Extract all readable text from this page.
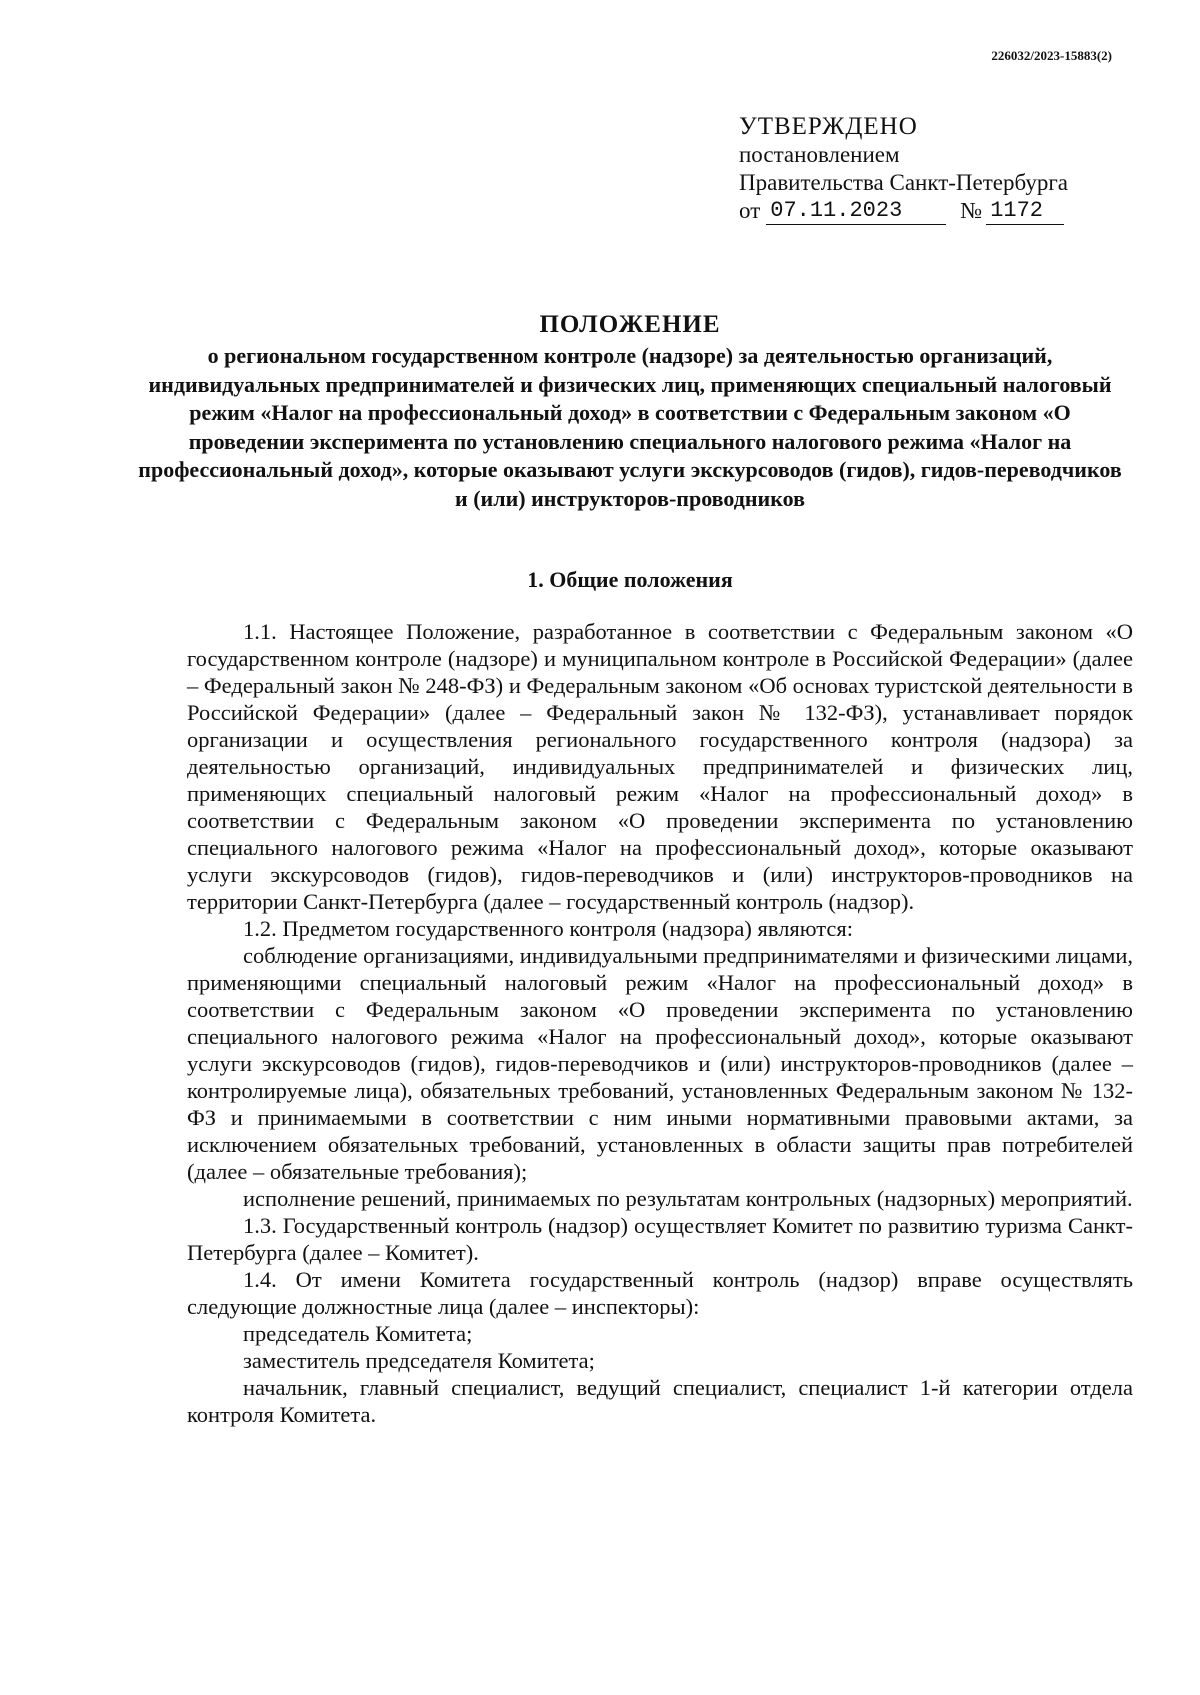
226032/2023-15883(2)
УТВЕРЖДЕНО
постановлением
Правительства Санкт-Петербурга
от 07.11.2023	№ 1172
ПОЛОЖЕНИЕ
о региональном государственном контроле (надзоре) за деятельностью организаций, индивидуальных предпринимателей и физических лиц, применяющих специальный налоговый режим «Налог на профессиональный доход» в соответствии с Федеральным законом «О проведении эксперимента по установлению специального налогового режима «Налог на профессиональный доход», которые оказывают услуги экскурсоводов (гидов), гидов-переводчиков и (или) инструкторов-проводников
1. Общие положения

1.1. Настоящее Положение, разработанное в соответствии с Федеральным законом «О государственном контроле (надзоре) и муниципальном контроле в Российской Федерации» (далее – Федеральный закон № 248-ФЗ) и Федеральным законом «Об основах туристской деятельности в Российской Федерации» (далее – Федеральный закон № 132-ФЗ), устанавливает порядок организации и осуществления регионального государственного контроля (надзора) за деятельностью организаций, индивидуальных предпринимателей и физических лиц, применяющих специальный налоговый режим «Налог на профессиональный доход» в соответствии с Федеральным законом «О проведении эксперимента по установлению специального налогового режима «Налог на профессиональный доход», которые оказывают услуги экскурсоводов (гидов), гидов-переводчиков и (или) инструкторов-проводников на территории Санкт-Петербурга (далее – государственный контроль (надзор).

1.2. Предметом государственного контроля (надзора) являются:

соблюдение организациями, индивидуальными предпринимателями и физическими лицами, применяющими специальный налоговый режим «Налог на профессиональный доход» в соответствии с Федеральным законом «О проведении эксперимента по установлению специального налогового режима «Налог на профессиональный доход», которые оказывают услуги экскурсоводов (гидов), гидов-переводчиков и (или) инструкторов-проводников (далее – контролируемые лица), обязательных требований, установленных Федеральным законом № 132-ФЗ и принимаемыми в соответствии с ним иными нормативными правовыми актами, за исключением обязательных требований, установленных в области защиты прав потребителей (далее – обязательные требования);

исполнение решений, принимаемых по результатам контрольных (надзорных) мероприятий.

1.3. Государственный контроль (надзор) осуществляет Комитет по развитию туризма Санкт-Петербурга (далее – Комитет).

1.4. От имени Комитета государственный контроль (надзор) вправе осуществлять следующие должностные лица (далее – инспекторы):

председатель Комитета;

заместитель председателя Комитета;

начальник, главный специалист, ведущий специалист, специалист 1-й категории отдела контроля Комитета.
